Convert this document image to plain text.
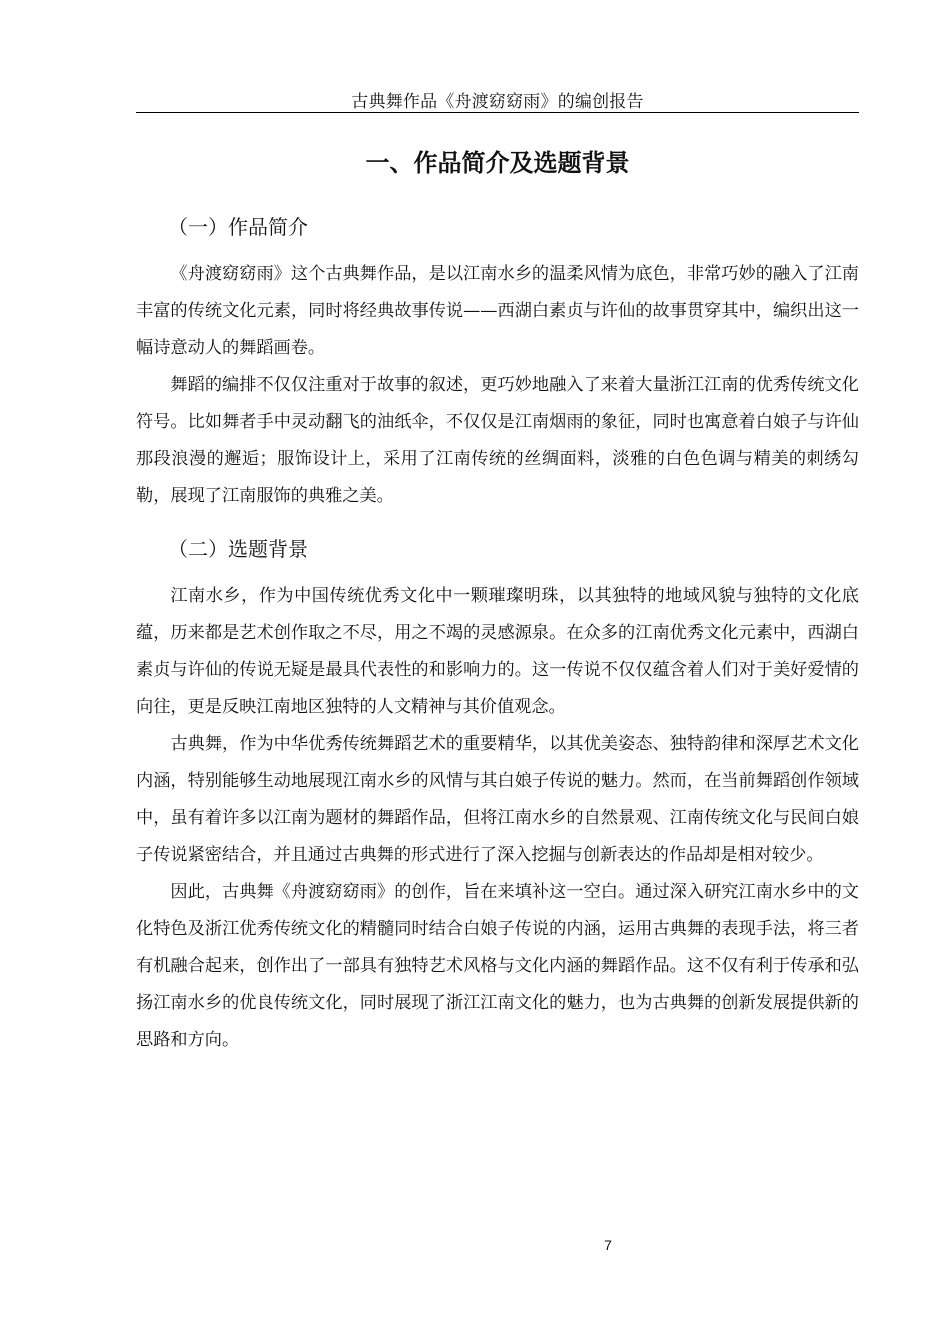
古典舞作品《舟渡窈窈雨》的编创报告
一、作品简介及选题背景
（一）作品简介

《舟渡窈窈雨》这个古典舞作品，是以江南水乡的温柔风情为底色，非常巧妙的融入了江南丰富的传统文化元素，同时将经典故事传说——西湖白素贞与许仙的故事贯穿其中，编织出这一幅诗意动人的舞蹈画卷。

舞蹈的编排不仅仅注重对于故事的叙述，更巧妙地融入了来着大量浙江江南的优秀传统文化符号。比如舞者手中灵动翻飞的油纸伞，不仅仅是江南烟雨的象征，同时也寓意着白娘子与许仙那段浪漫的邂逅；服饰设计上，采用了江南传统的丝绸面料，淡雅的白色色调与精美的刺绣勾勒，展现了江南服饰的典雅之美。

（二）选题背景

江南水乡，作为中国传统优秀文化中一颗璀璨明珠，以其独特的地域风貌与独特的文化底蕴，历来都是艺术创作取之不尽，用之不竭的灵感源泉。在众多的江南优秀文化元素中，西湖白素贞与许仙的传说无疑是最具代表性的和影响力的。这一传说不仅仅蕴含着人们对于美好爱情的向往，更是反映江南地区独特的人文精神与其价值观念。

古典舞，作为中华优秀传统舞蹈艺术的重要精华，以其优美姿态、独特韵律和深厚艺术文化内涵，特别能够生动地展现江南水乡的风情与其白娘子传说的魅力。然而，在当前舞蹈创作领域中，虽有着许多以江南为题材的舞蹈作品，但将江南水乡的自然景观、江南传统文化与民间白娘子传说紧密结合，并且通过古典舞的形式进行了深入挖掘与创新表达的作品却是相对较少。

因此，古典舞《舟渡窈窈雨》的创作，旨在来填补这一空白。通过深入研究江南水乡中的文化特色及浙江优秀传统文化的精髓同时结合白娘子传说的内涵，运用古典舞的表现手法，将三者有机融合起来，创作出了一部具有独特艺术风格与文化内涵的舞蹈作品。这不仅有利于传承和弘扬江南水乡的优良传统文化，同时展现了浙江江南文化的魅力，也为古典舞的创新发展提供新的思路和方向。

7
